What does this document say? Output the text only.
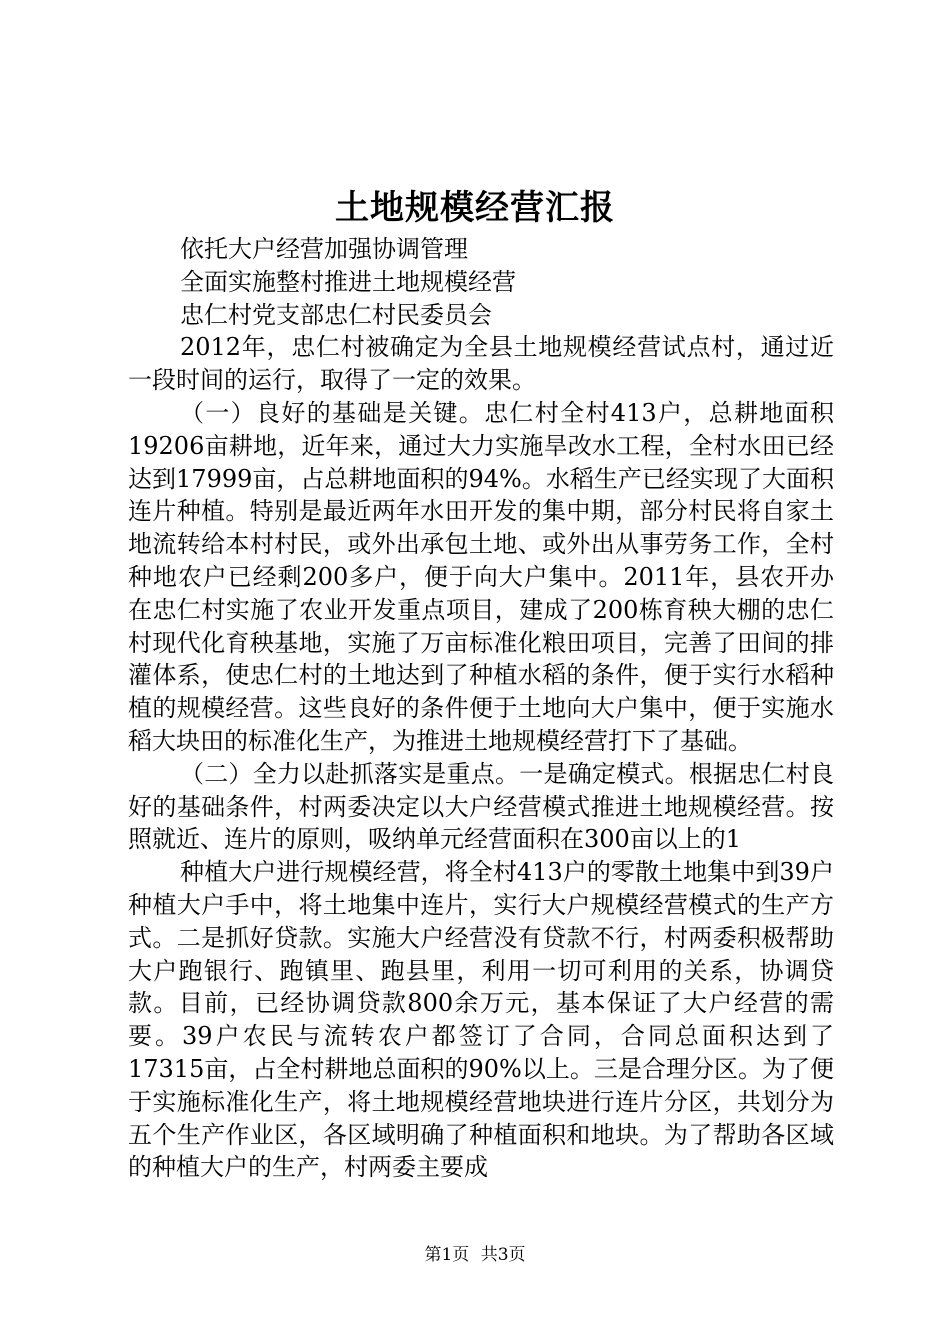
土地规模经营汇报

依托大户经营加强协调管理

全面实施整村推进土地规模经营

忠仁村党支部忠仁村民委员会

2012年，忠仁村被确定为全县土地规模经营试点村，通过近一段时间的运行，取得了一定的效果。

（一）良好的基础是关键。忠仁村全村413户，总耕地面积19206亩耕地，近年来，通过大力实施旱改水工程，全村水田已经达到17999亩，占总耕地面积的94%。水稻生产已经实现了大面积连片种植。特别是最近两年水田开发的集中期，部分村民将自家土地流转给本村村民，或外出承包土地、或外出从事劳务工作，全村种地农户已经剩200多户，便于向大户集中。2011年，县农开办在忠仁村实施了农业开发重点项目，建成了200栋育秧大棚的忠仁村现代化育秧基地，实施了万亩标准化粮田项目，完善了田间的排灌体系，使忠仁村的土地达到了种植水稻的条件，便于实行水稻种植的规模经营。这些良好的条件便于土地向大户集中，便于实施水稻大块田的标准化生产，为推进土地规模经营打下了基础。

（二）全力以赴抓落实是重点。一是确定模式。根据忠仁村良好的基础条件，村两委决定以大户经营模式推进土地规模经营。按照就近、连片的原则，吸纳单元经营面积在300亩以上的1

种植大户进行规模经营，将全村413户的零散土地集中到39户种植大户手中，将土地集中连片，实行大户规模经营模式的生产方式。二是抓好贷款。实施大户经营没有贷款不行，村两委积极帮助大户跑银行、跑镇里、跑县里，利用一切可利用的关系，协调贷款。目前，已经协调贷款800余万元，基本保证了大户经营的需要。39户农民与流转农户都签订了合同，合同总面积达到了17315亩，占全村耕地总面积的90%以上。三是合理分区。为了便于实施标准化生产，将土地规模经营地块进行连片分区，共划分为五个生产作业区，各区域明确了种植面积和地块。为了帮助各区域的种植大户的生产，村两委主要成

第1页 共3页
